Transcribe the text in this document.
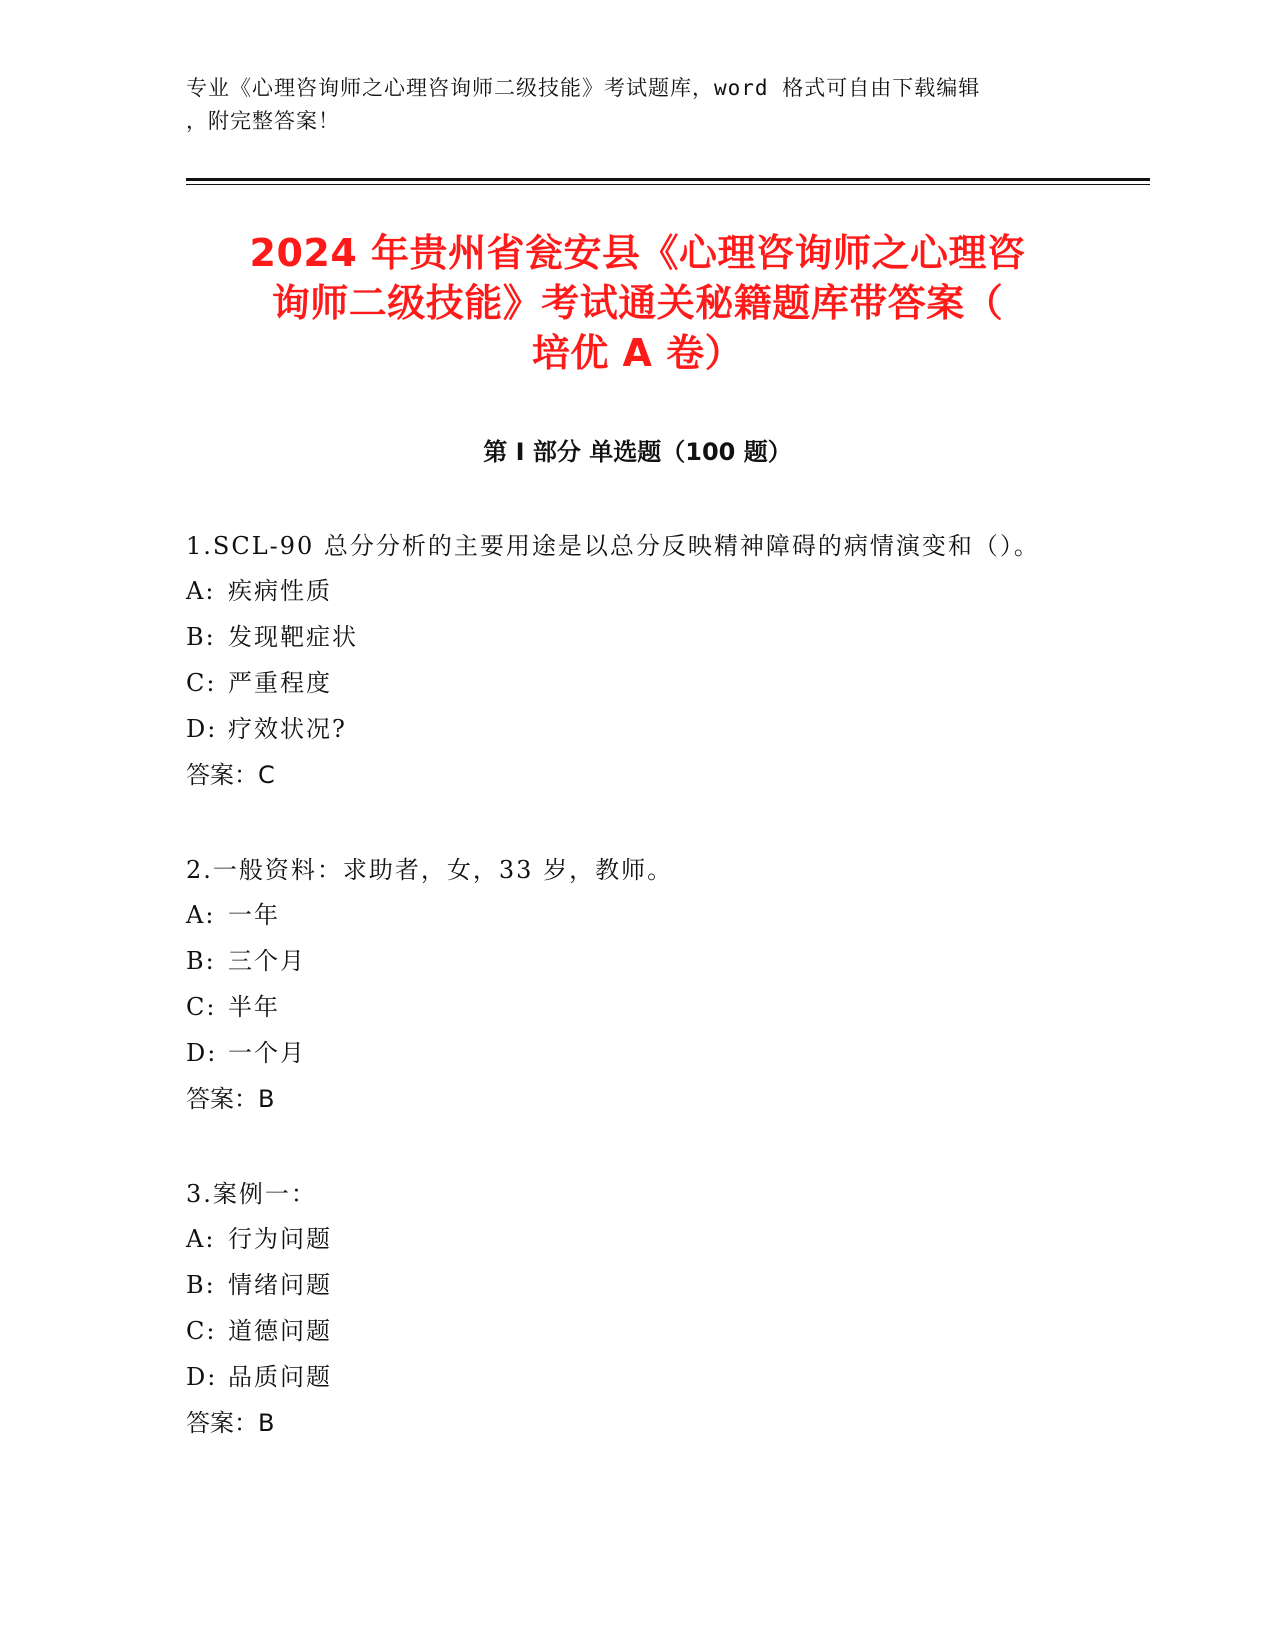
专业《心理咨询师之心理咨询师二级技能》考试题库，word 格式可自由下载编辑
，附完整答案！
2024 年贵州省瓮安县《心理咨询师之心理咨
询师二级技能》考试通关秘籍题库带答案（
培优 A 卷）
第 I 部分 单选题（100 题）
1.SCL-90 总分分析的主要用途是以总分反映精神障碍的病情演变和（）。
A: 疾病性质
B: 发现靶症状
C: 严重程度
D: 疗效状况?
答案：C
2.一般资料：求助者，女，33 岁，教师。
A: 一年
B: 三个月
C: 半年
D: 一个月
答案：B
3.案例一：
A: 行为问题
B: 情绪问题
C: 道德问题
D: 品质问题
答案：B
